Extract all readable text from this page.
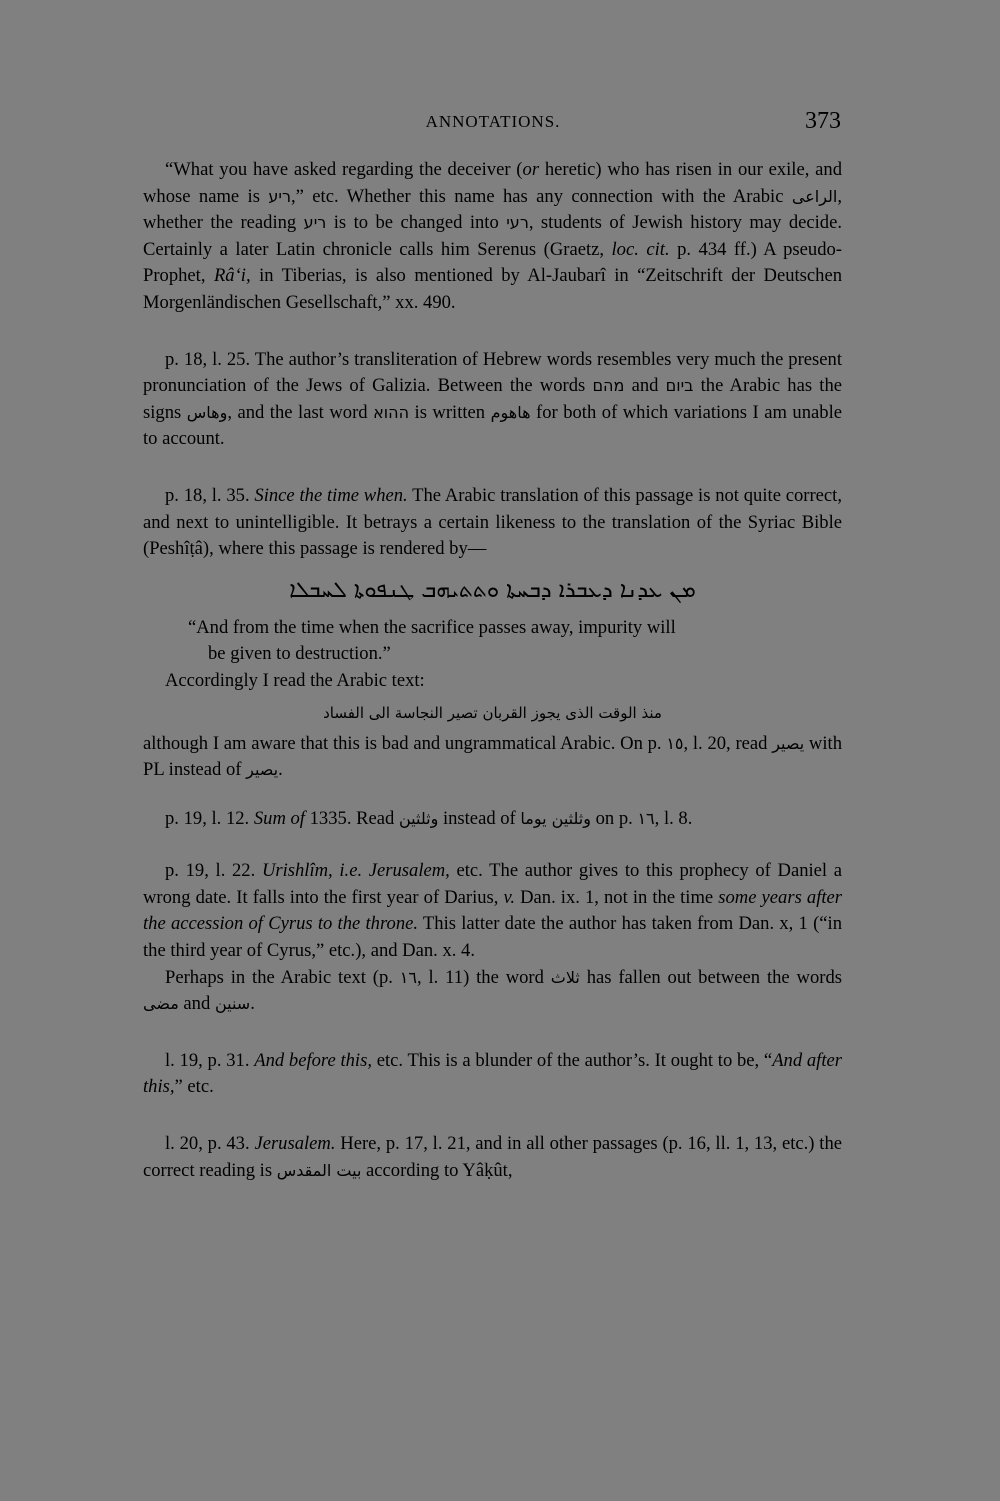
ANNOTATIONS.	373

“What you have asked regarding the deceiver (or heretic) who has risen in our exile, and whose name is ריע,” etc. Whether this name has any connection with the Arabic الراعى, whether the reading ריע is to be changed into רעי, students of Jewish history may decide. Certainly a later Latin chronicle calls him Serenus (Graetz, loc. cit. p. 434 ff.) A pseudo-Prophet, Râ‘i, in Tiberias, is also mentioned by Al-Jaubarî in “Zeitschrift der Deutschen Morgenländischen Gesellschaft,” xx. 490.

p. 18, l. 25. The author’s transliteration of Hebrew words resembles very much the present pronunciation of the Jews of Galizia. Between the words מהם and ביום the Arabic has the signs وهاس, and the last word ההוא is written هاهوم for both of which variations I am unable to account.

p. 18, l. 35. Since the time when. The Arabic translation of this passage is not quite correct, and next to unintelligible. It betrays a certain likeness to the translation of the Syriac Bible (Peshîṭâ), where this passage is rendered by—

ܡܢ ܥܕܢܐ ܕܥܒܪܐ ܕܒܚܬܐ ܘܬܬܝܗܒ ܛܢܦܘܬܐ ܠܚܒܠܐ

“And from the time when the sacrifice passes away, impurity will
be given to destruction.”

Accordingly I read the Arabic text:

منذ الوقت الذى يجوز القربان تصير النجاسة الى الفساد

although I am aware that this is bad and ungrammatical Arabic. On p. ١٥, l. 20, read يصير with PL instead of يصير.

p. 19, l. 12. Sum of 1335. Read وثلثين instead of وثلثين يوما on p. ١٦, l. 8.

p. 19, l. 22. Urishlîm, i.e. Jerusalem, etc. The author gives to this prophecy of Daniel a wrong date. It falls into the first year of Darius, v. Dan. ix. 1, not in the time some years after the accession of Cyrus to the throne. This latter date the author has taken from Dan. x, 1 (“in the third year of Cyrus,” etc.), and Dan. x. 4.

Perhaps in the Arabic text (p. ١٦, l. 11) the word ثلاث has fallen out between the words مضى and سنين.

l. 19, p. 31. And before this, etc. This is a blunder of the author’s. It ought to be, “And after this,” etc.

l. 20, p. 43. Jerusalem. Here, p. 17, l. 21, and in all other passages (p. 16, ll. 1, 13, etc.) the correct reading is بيت المقدس according to Yâḳût,
